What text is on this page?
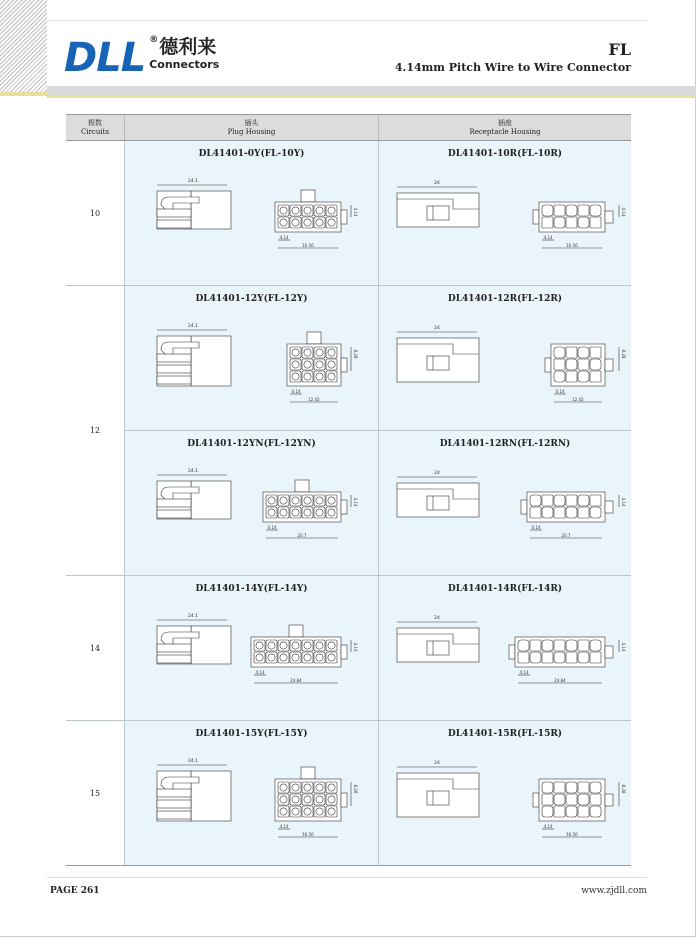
DLL ® 德利来
Connectors
FL
4.14mm Pitch Wire to Wire Connector
极数
Circuits
插头
Plug Housing
插座
Receptacle Housing
10
DL41401-0Y(FL-10Y)
24.1
4.14
16.56
4.14
DL41401-10R(FL-10R)
24
4.14
16.56
4.14
12
DL41401-12Y(FL-12Y)
24.1
4.14
12.42
8.28
DL41401-12R(FL-12R)
24
4.14
12.42
8.28
DL41401-12YN(FL-12YN)
24.1
4.14
20.7
4.14
DL41401-12RN(FL-12RN)
24
4.14
20.7
4.14
14
DL41401-14Y(FL-14Y)
24.1
4.14
24.84
4.14
DL41401-14R(FL-14R)
24
4.14
24.84
4.14
15
DL41401-15Y(FL-15Y)
24.1
4.14
16.56
8.28
DL41401-15R(FL-15R)
24
4.14
16.56
8.28
PAGE 261	www.zjdll.com
